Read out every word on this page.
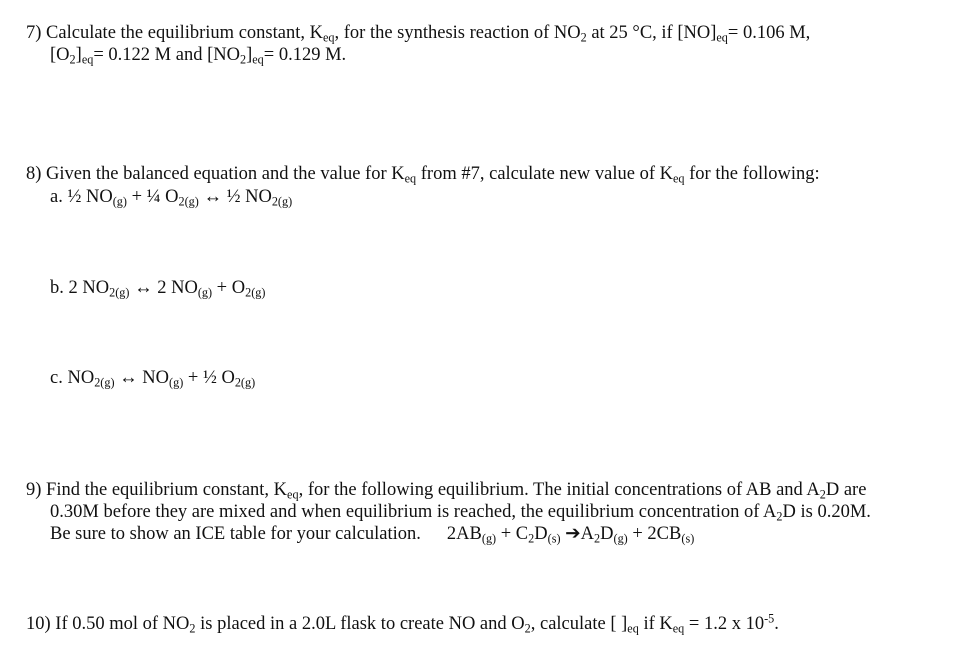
7) Calculate the equilibrium constant, $K_{eq}$, for the synthesis reaction of $NO_2$ at 25 °C, if $[NO]_{eq}= 0.106$ M,
$[O_2]_{eq}= 0.122$ M and $[NO_2]_{eq}= 0.129$ M.
8) Given the balanced equation and the value for $K_{eq}$ from #7, calculate new value of $K_{eq}$ for the following:
a. ½ $NO_{(g)}$ + ¼ $O_{2(g)}$ ↔ ½ $NO_{2(g)}$
b. 2 $NO_{2(g)}$ ↔ 2 $NO_{(g)} + O_{2(g)}$
c. $NO_{2(g)}$ ↔ $NO_{(g)}$ + ½ $O_{2(g)}$
9) Find the equilibrium constant, $K_{eq}$, for the following equilibrium. The initial concentrations of AB and $A_2D$ are
0.30M before they are mixed and when equilibrium is reached, the equilibrium concentration of $A_2D$ is 0.20M.
Be sure to show an ICE table for your calculation. $2AB_{(g)} + C_2D_{(s)}$ $➔A_2D_{(g)} + 2CB_{(s)}$
10) If 0.50 mol of $NO_2$ is placed in a 2.0L flask to create NO and $O_2$, calculate [ ]$_{eq}$ if $K_{eq} = 1.2$ x $10^{-5}$.
